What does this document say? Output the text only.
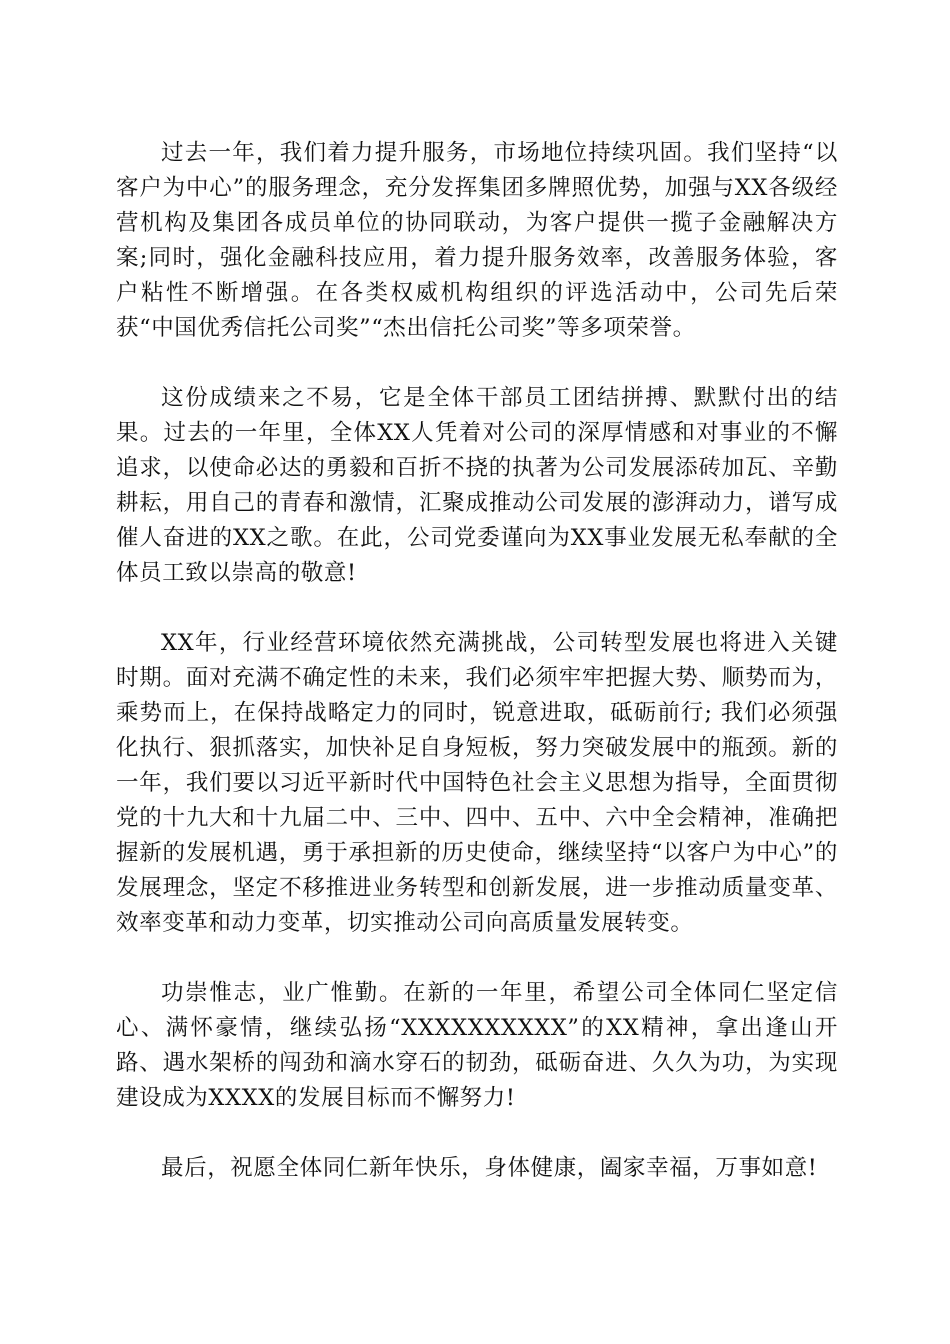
过去一年，我们着力提升服务，市场地位持续巩固。我们坚持“以客户为中心”的服务理念，充分发挥集团多牌照优势，加强与XX各级经营机构及集团各成员单位的协同联动，为客户提供一揽子金融解决方案;同时，强化金融科技应用，着力提升服务效率，改善服务体验，客户粘性不断增强。在各类权威机构组织的评选活动中，公司先后荣获“中国优秀信托公司奖”“杰出信托公司奖”等多项荣誉。

这份成绩来之不易，它是全体干部员工团结拼搏、默默付出的结果。过去的一年里，全体XX人凭着对公司的深厚情感和对事业的不懈追求，以使命必达的勇毅和百折不挠的执著为公司发展添砖加瓦、辛勤耕耘，用自己的青春和激情，汇聚成推动公司发展的澎湃动力，谱写成催人奋进的XX之歌。在此，公司党委谨向为XX事业发展无私奉献的全体员工致以崇高的敬意!

XX年，行业经营环境依然充满挑战，公司转型发展也将进入关键时期。面对充满不确定性的未来，我们必须牢牢把握大势、顺势而为，乘势而上，在保持战略定力的同时，锐意进取，砥砺前行; 我们必须强化执行、狠抓落实，加快补足自身短板，努力突破发展中的瓶颈。新的一年，我们要以习近平新时代中国特色社会主义思想为指导，全面贯彻党的十九大和十九届二中、三中、四中、五中、六中全会精神，准确把握新的发展机遇，勇于承担新的历史使命，继续坚持“以客户为中心”的发展理念，坚定不移推进业务转型和创新发展，进一步推动质量变革、效率变革和动力变革，切实推动公司向高质量发展转变。

功崇惟志，业广惟勤。在新的一年里，希望公司全体同仁坚定信心、满怀豪情，继续弘扬“XXXXXXXXXX”的XX精神，拿出逢山开路、遇水架桥的闯劲和滴水穿石的韧劲，砥砺奋进、久久为功，为实现建设成为XXXX的发展目标而不懈努力!

最后，祝愿全体同仁新年快乐，身体健康，阖家幸福，万事如意!
